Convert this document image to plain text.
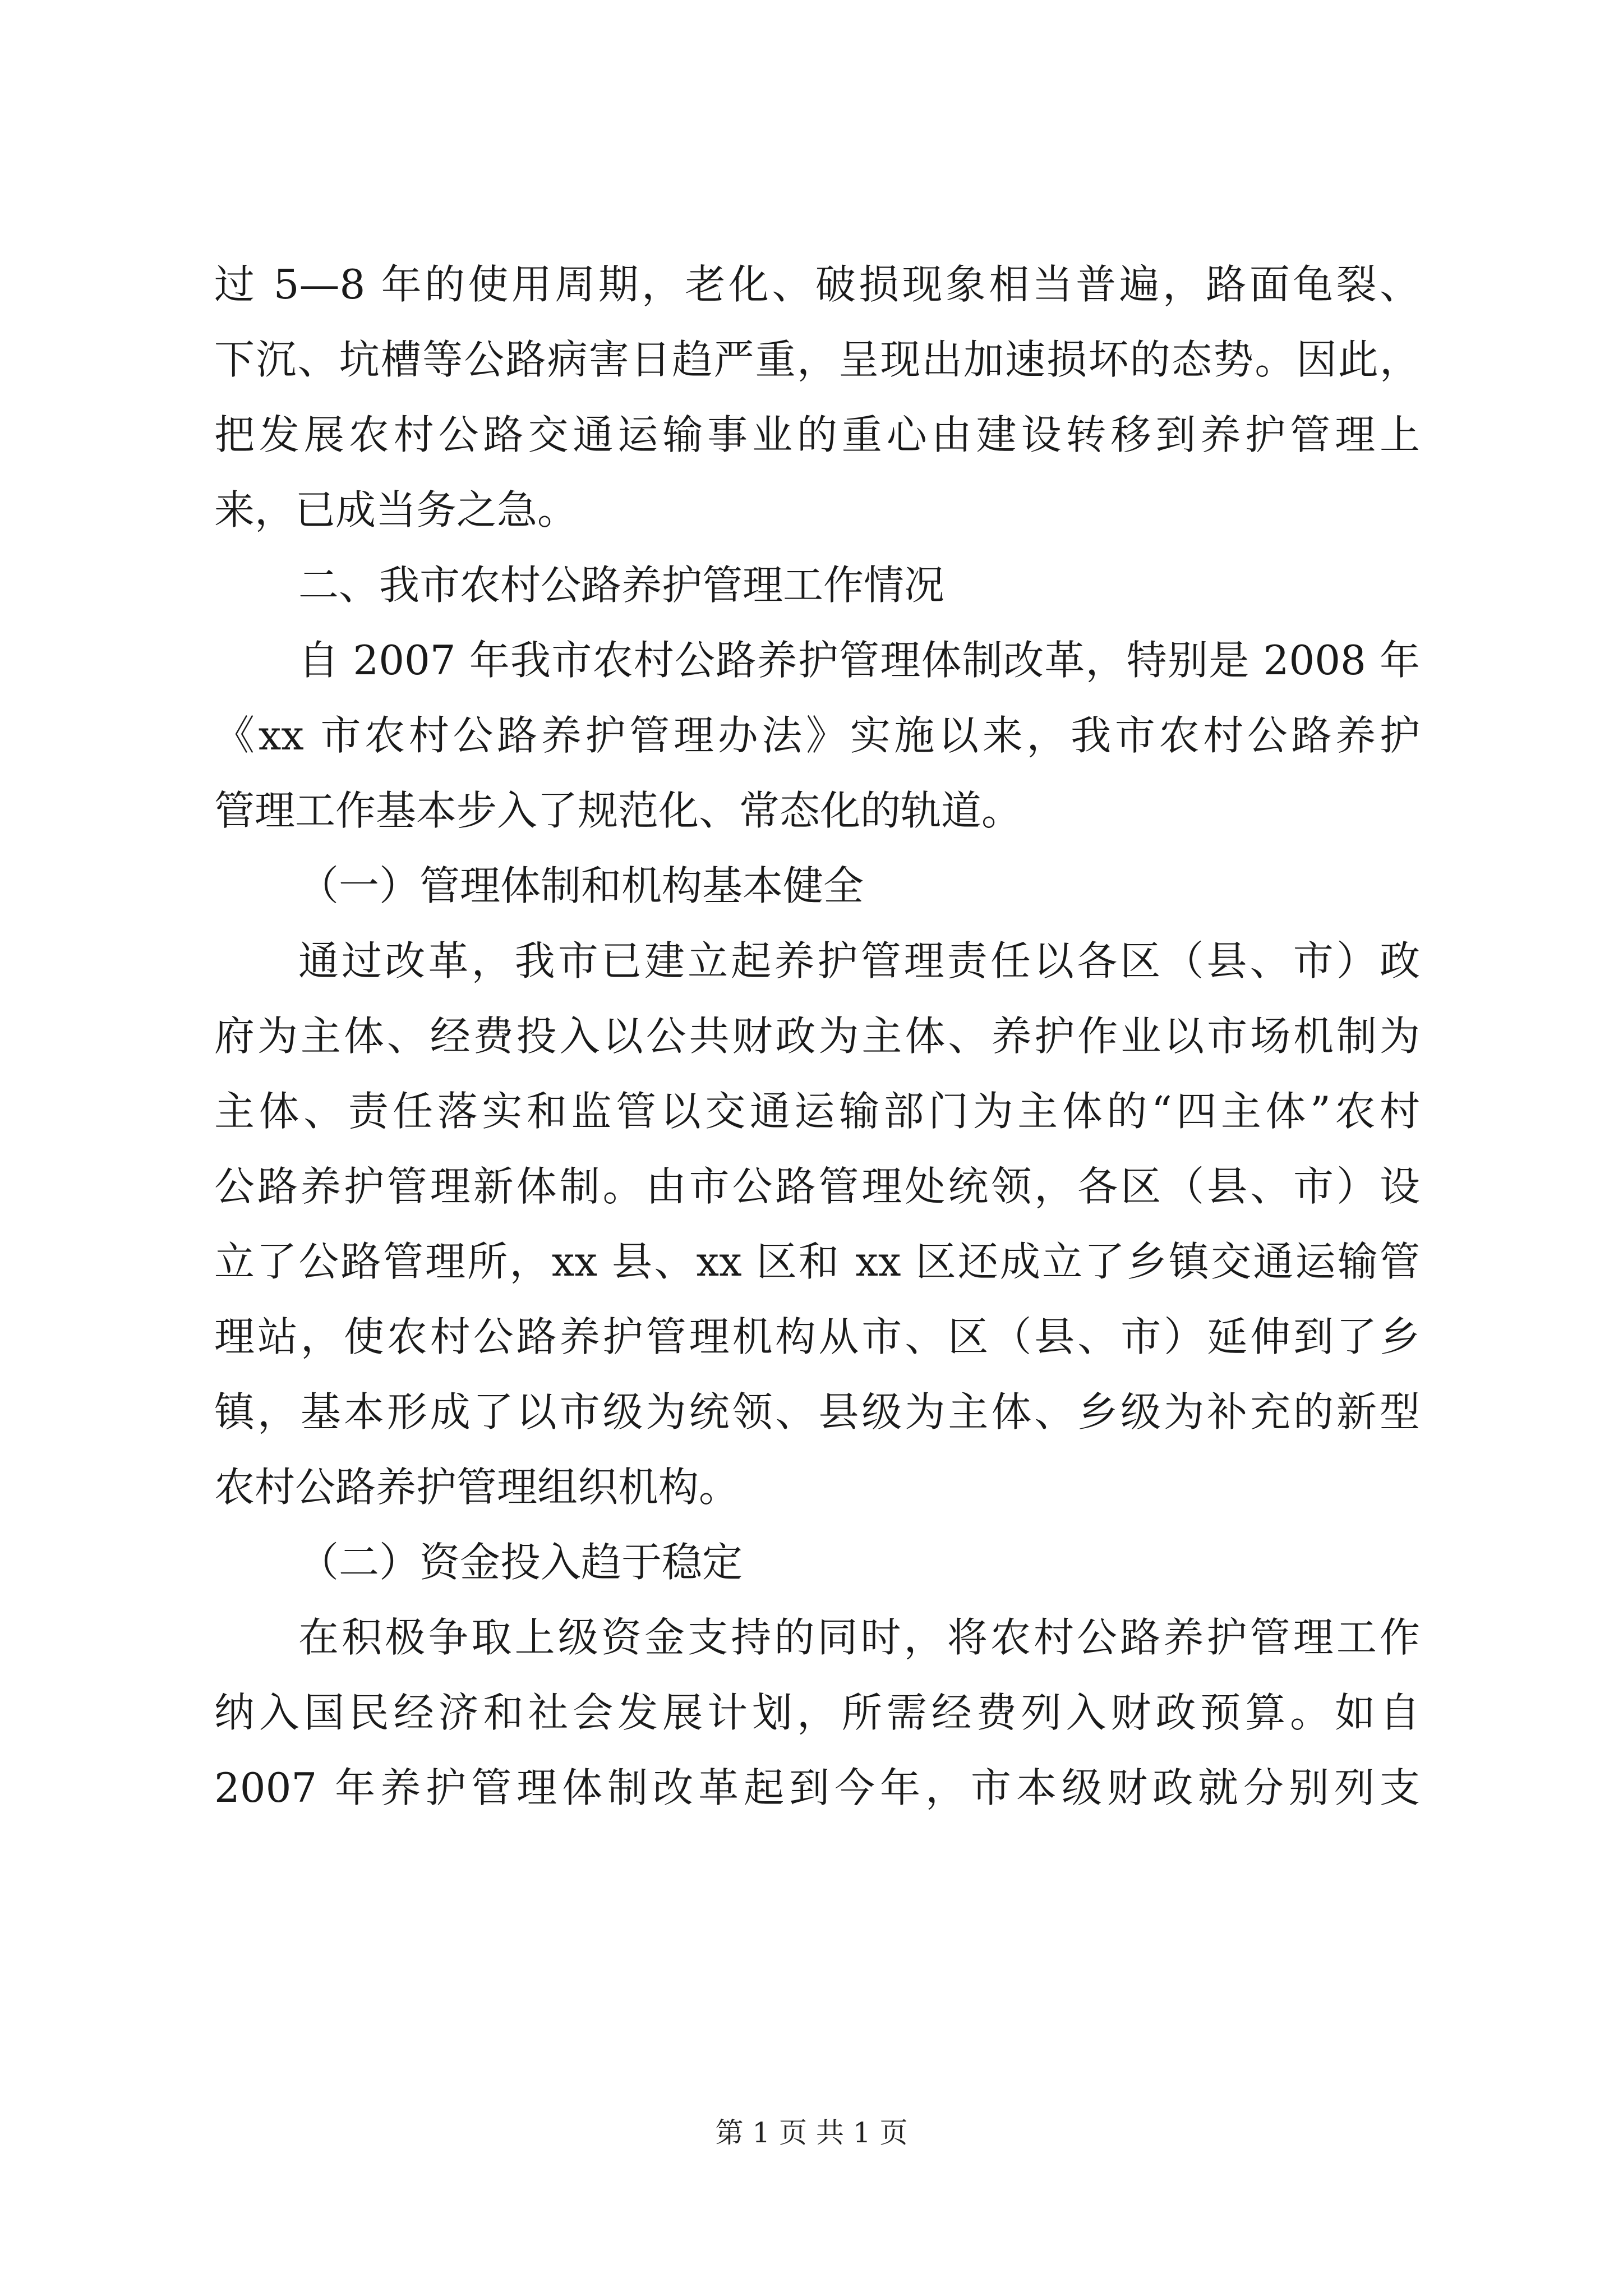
过 5—8 年的使用周期，老化、破损现象相当普遍，路面龟裂、
下沉、坑槽等公路病害日趋严重，呈现出加速损坏的态势。因此，
把发展农村公路交通运输事业的重心由建设转移到养护管理上
来，已成当务之急。
二、我市农村公路养护管理工作情况
自 2007 年我市农村公路养护管理体制改革，特别是 2008 年
《xx 市农村公路养护管理办法》实施以来，我市农村公路养护
管理工作基本步入了规范化、常态化的轨道。
（一）管理体制和机构基本健全
通过改革，我市已建立起养护管理责任以各区（县、市）政
府为主体、经费投入以公共财政为主体、养护作业以市场机制为
主体、责任落实和监管以交通运输部门为主体的“四主体”农村
公路养护管理新体制。由市公路管理处统领，各区（县、市）设
立了公路管理所，xx 县、xx 区和 xx 区还成立了乡镇交通运输管
理站，使农村公路养护管理机构从市、区（县、市）延伸到了乡
镇，基本形成了以市级为统领、县级为主体、乡级为补充的新型
农村公路养护管理组织机构。
（二）资金投入趋于稳定
在积极争取上级资金支持的同时，将农村公路养护管理工作
纳入国民经济和社会发展计划，所需经费列入财政预算。如自
2007 年养护管理体制改革起到今年，市本级财政就分别列支
第 1 页 共 1 页
